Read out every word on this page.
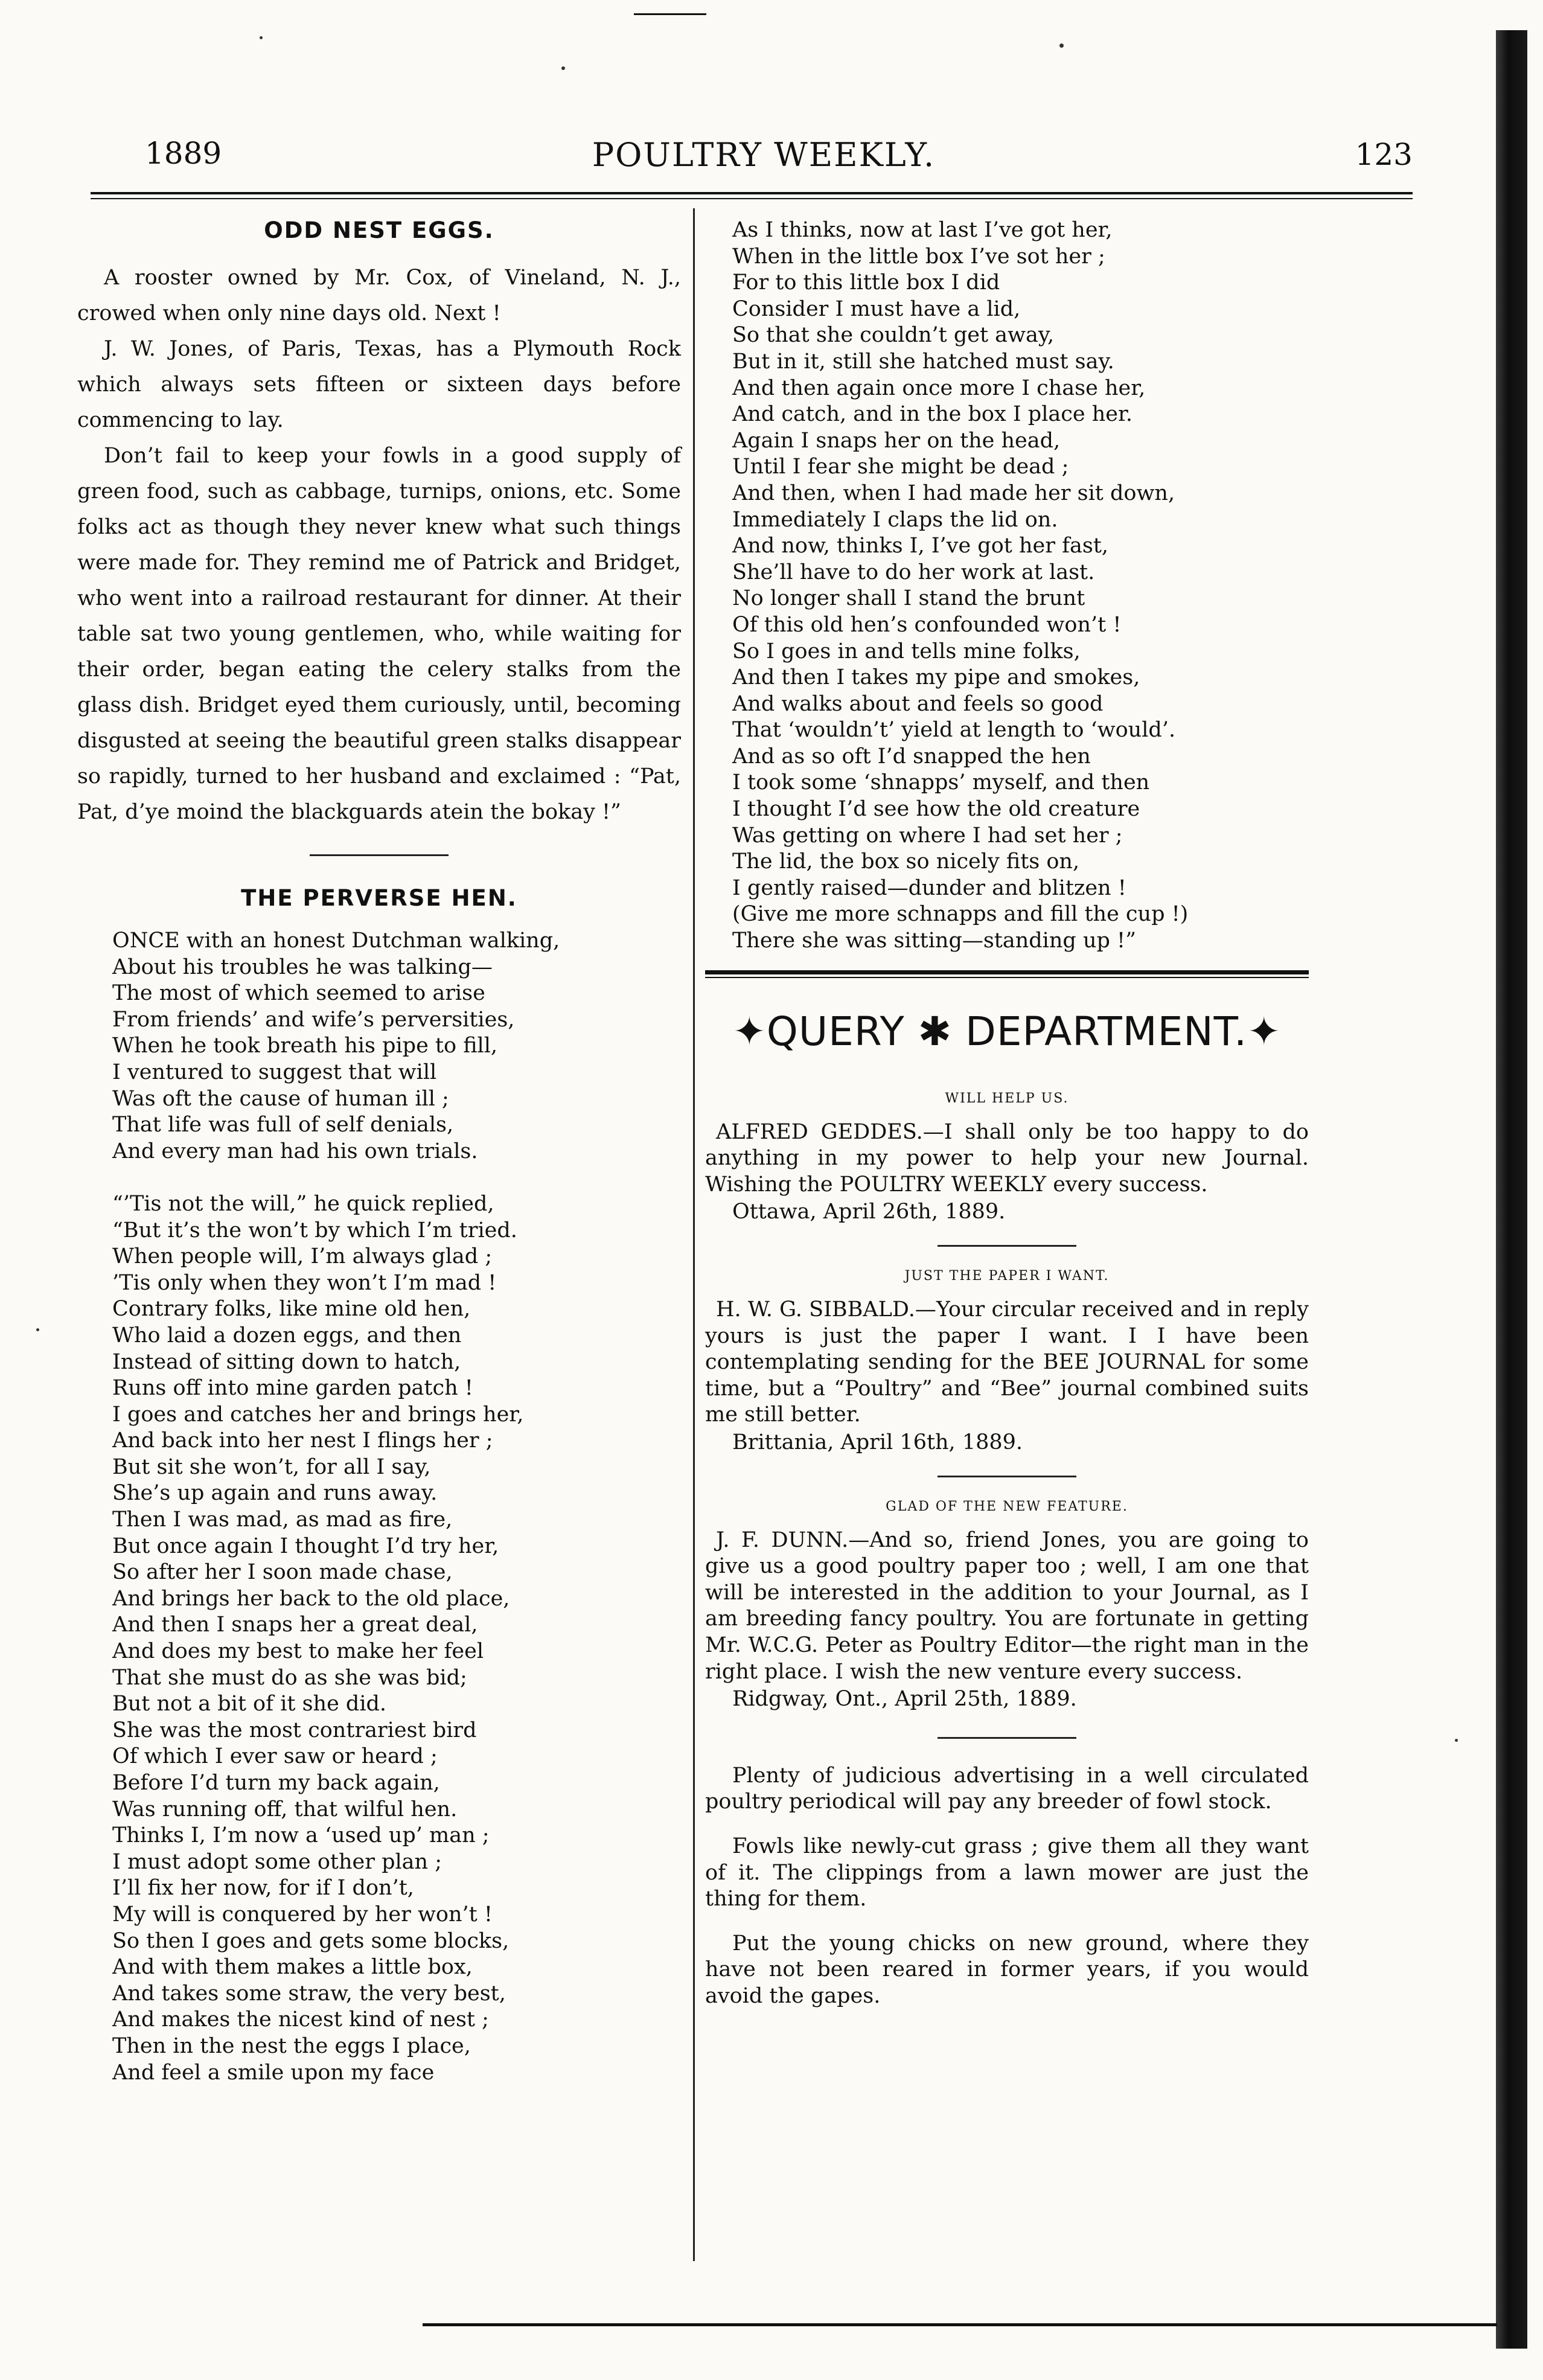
1889	POULTRY WEEKLY.	123
ODD NEST EGGS.

A rooster owned by Mr. Cox, of Vineland, N. J., crowed when only nine days old. Next !

J. W. Jones, of Paris, Texas, has a Plymouth Rock which always sets fifteen or sixteen days before commencing to lay.

Don’t fail to keep your fowls in a good supply of green food, such as cabbage, turnips, onions, etc. Some folks act as though they never knew what such things were made for. They remind me of Patrick and Bridget, who went into a railroad restaurant for dinner. At their table sat two young gentlemen, who, while waiting for their order, began eating the celery stalks from the glass dish. Bridget eyed them curiously, until, becoming disgusted at seeing the beautiful green stalks disappear so rapidly, turned to her husband and exclaimed : “Pat, Pat, d’ye moind the blackguards atein the bokay !”

THE PERVERSE HEN.
ONCE with an honest Dutchman walking,
About his troubles he was talking—
The most of which seemed to arise
From friends’ and wife’s perversities,
When he took breath his pipe to fill,
I ventured to suggest that will
Was oft the cause of human ill ;
That life was full of self denials,
And every man had his own trials.

“’Tis not the will,” he quick replied,
“But it’s the won’t by which I’m tried.
When people will, I’m always glad ;
’Tis only when they won’t I’m mad !
Contrary folks, like mine old hen,
Who laid a dozen eggs, and then
Instead of sitting down to hatch,
Runs off into mine garden patch !
I goes and catches her and brings her,
And back into her nest I flings her ;
But sit she won’t, for all I say,
She’s up again and runs away.
Then I was mad, as mad as fire,
But once again I thought I’d try her,
So after her I soon made chase,
And brings her back to the old place,
And then I snaps her a great deal,
And does my best to make her feel
That she must do as she was bid;
But not a bit of it she did.
She was the most contrariest bird
Of which I ever saw or heard ;
Before I’d turn my back again,
Was running off, that wilful hen.
Thinks I, I’m now a ‘used up’ man ;
I must adopt some other plan ;
I’ll fix her now, for if I don’t,
My will is conquered by her won’t !
So then I goes and gets some blocks,
And with them makes a little box,
And takes some straw, the very best,
And makes the nicest kind of nest ;
Then in the nest the eggs I place,
And feel a smile upon my face
As I thinks, now at last I’ve got her,
When in the little box I’ve sot her ;
For to this little box I did
Consider I must have a lid,
So that she couldn’t get away,
But in it, still she hatched must say.
And then again once more I chase her,
And catch, and in the box I place her.
Again I snaps her on the head,
Until I fear she might be dead ;
And then, when I had made her sit down,
Immediately I claps the lid on.
And now, thinks I, I’ve got her fast,
She’ll have to do her work at last.
No longer shall I stand the brunt
Of this old hen’s confounded won’t !
So I goes in and tells mine folks,
And then I takes my pipe and smokes,
And walks about and feels so good
That ‘wouldn’t’ yield at length to ‘would’.
And as so oft I’d snapped the hen
I took some ‘shnapps’ myself, and then
I thought I’d see how the old creature
Was getting on where I had set her ;
The lid, the box so nicely fits on,
I gently raised—dunder and blitzen !
(Give me more schnapps and fill the cup !)
There she was sitting—standing up !”
✦QUERY ✱ DEPARTMENT.✦
WILL HELP US.

ALFRED GEDDES.—I shall only be too happy to do anything in my power to help your new Journal. Wishing the POULTRY WEEKLY every success.

Ottawa, April 26th, 1889.

JUST THE PAPER I WANT.

H. W. G. SIBBALD.—Your circular received and in reply yours is just the paper I want. I I have been contemplating sending for the BEE JOURNAL for some time, but a “Poultry” and “Bee” journal combined suits me still better.

Brittania, April 16th, 1889.

GLAD OF THE NEW FEATURE.

J. F. DUNN.—And so, friend Jones, you are going to give us a good poultry paper too ; well, I am one that will be interested in the addition to your Journal, as I am breeding fancy poultry. You are fortunate in getting Mr. W.C.G. Peter as Poultry Editor—the right man in the right place. I wish the new venture every success.

Ridgway, Ont., April 25th, 1889.

Plenty of judicious advertising in a well circulated poultry periodical will pay any breeder of fowl stock.

Fowls like newly-cut grass ; give them all they want of it. The clippings from a lawn mower are just the thing for them.

Put the young chicks on new ground, where they have not been reared in former years, if you would avoid the gapes.
